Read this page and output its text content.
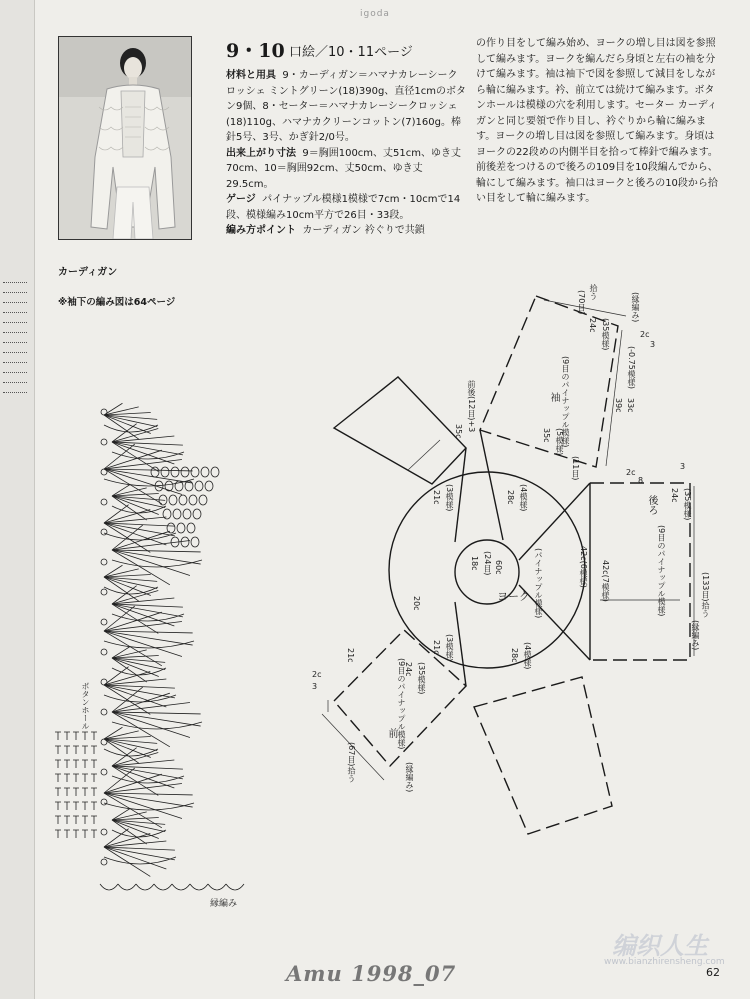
igoda
9・10 口絵／10・11ページ

材料と用具 9・カーディガン＝ハマナカレーシークロッシェ ミントグリーン(18)390g、直径1cmのボタン9個、8・セーター＝ハマナカレーシークロッシェ(18)110g、ハマナカクリーンコットン(7)160g。棒針5号、3号、かぎ針2/0号。

出来上がり寸法 9＝胸囲100cm、丈51cm、ゆき丈70cm、10＝胸囲92cm、丈50cm、ゆき丈29.5cm。

ゲージ パイナップル模様1模様で7cm・10cmで14段、模様編み10cm平方で26目・33段。

編み方ポイント カーディガン 衿ぐりで共鎖

の作り目をして編み始め、ヨークの増し目は図を参照して編みます。ヨークを編んだら身頃と左右の袖を分けて編みます。袖は袖下で図を参照して減目をしながら輪に編みます。衿、前立ては続けて編みます。ボタンホールは模様の穴を利用します。セーター カーディガンと同じ要領で作り目し、衿ぐりから輪に編みます。ヨークの増し目は図を参照して編みます。身頃はヨークの22段めの内側半目を拾って棒針で編みます。前後差をつけるので後ろの109目を10段編んでから、輪にして編みます。袖口はヨークと後ろの10段から拾い目をして輪に編みます。

カーディガン
※袖下の編み図は64ページ
ヨーク (パイナップル模様)
袖 (9目のパイナップル模様)
後ろ
(9目のパイナップル模様)
前 (9目のパイナップル模様)
18c (24目) 60c
28c (4模様)
28c (4模様)
42c(6模様)
21c (3模様)
21c (3模様)
35c (5模様)
24c (35模様)
(70目) 拾う
(-0.75模様)
33c
39c
42c(7模様)
24c (35模様)
(133目)拾う
24c (35模様)
(67目)拾う
20c
21c
35c 前後(12目)+3
(縁編み)
(縁編み)
(縁編み)
2c
3
2c
3
2c
3
8
(11目)
ボタンホール
縁編み
编织人生
www.bianzhirensheng.com
Amu 1998_07	62
